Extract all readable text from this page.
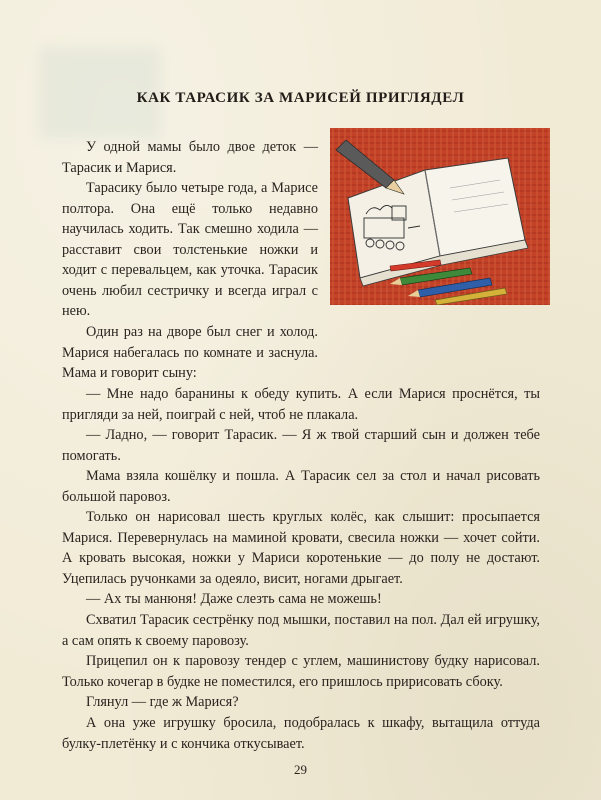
КАК ТАРАСИК ЗА МАРИСЕЙ ПРИГЛЯДЕЛ

У одной мамы было двое деток — Тарасик и Марися.

Тарасику было четыре года, а Марисе полтора. Она ещё только недавно научилась ходить. Так смешно ходила — расставит свои толстенькие ножки и ходит с перевальцем, как уточка. Тарасик очень любил сестричку и всегда играл с нею.

Один раз на дворе был снег и холод. Марися набегалась по комнате и заснула. Мама и говорит сыну:

— Мне надо баранины к обеду купить. А если Марися проснётся, ты пригляди за ней, поиграй с ней, чтоб не плакала.

— Ладно, — говорит Тарасик. — Я ж твой старший сын и должен тебе помогать.

Мама взяла кошёлку и пошла. А Тарасик сел за стол и начал рисовать большой паровоз.

Только он нарисовал шесть круглых колёс, как слышит: просыпается Марися. Перевернулась на маминой кровати, свесила ножки — хочет сойти. А кровать высокая, ножки у Мариси коротенькие — до полу не достают. Уцепилась ручонками за одеяло, висит, ногами дрыгает.

— Ах ты манюня! Даже слезть сама не можешь!

Схватил Тарасик сестрёнку под мышки, поставил на пол. Дал ей игрушку, а сам опять к своему паровозу.

Прицепил он к паровозу тендер с углем, машинистову будку нарисовал. Только кочегар в будке не поместился, его пришлось пририсовать сбоку.

Глянул — где ж Марися?

А она уже игрушку бросила, подобралась к шкафу, вытащила оттуда булку-плетёнку и с кончика откусывает.

29
